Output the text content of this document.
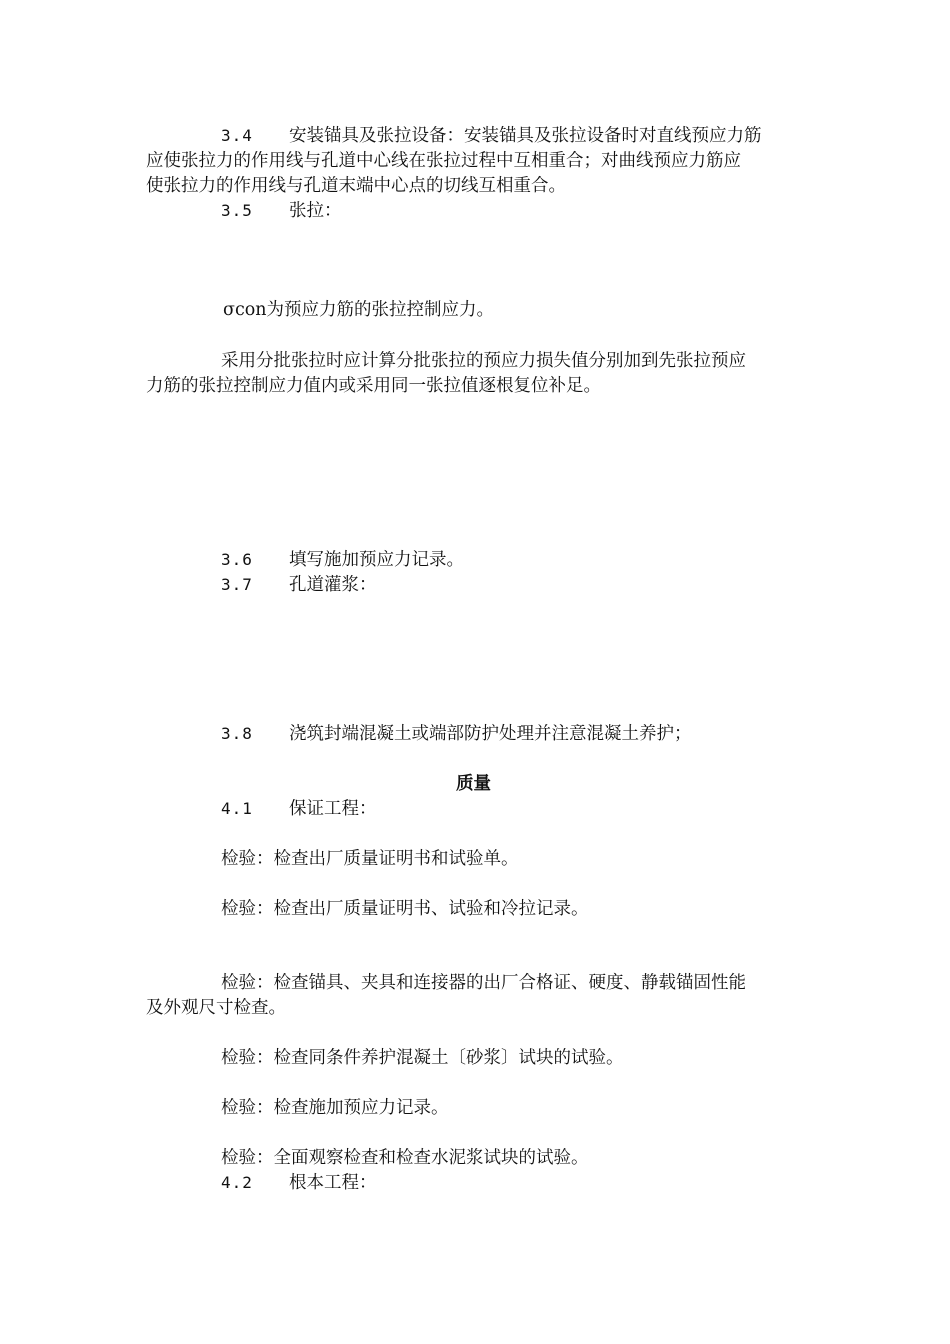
3.4 安装锚具及张拉设备：安装锚具及张拉设备时对直线预应力筋
应使张拉力的作用线与孔道中心线在张拉过程中互相重合；对曲线预应力筋应
使张拉力的作用线与孔道末端中心点的切线互相重合。
3.5 张拉：
σcon为预应力筋的张拉控制应力。
采用分批张拉时应计算分批张拉的预应力损失值分别加到先张拉预应
力筋的张拉控制应力值内或采用同一张拉值逐根复位补足。
3.6 填写施加预应力记录。
3.7 孔道灌浆：
3.8 浇筑封端混凝土或端部防护处理并注意混凝土养护；
质量
4.1 保证工程：
检验：检查出厂质量证明书和试验单。
检验：检查出厂质量证明书、试验和冷拉记录。
检验：检查锚具、夹具和连接器的出厂合格证、硬度、静载锚固性能
及外观尺寸检查。
检验：检查同条件养护混凝土〔砂浆〕试块的试验。
检验：检查施加预应力记录。
检验：全面观察检查和检查水泥浆试块的试验。
4.2 根本工程：
